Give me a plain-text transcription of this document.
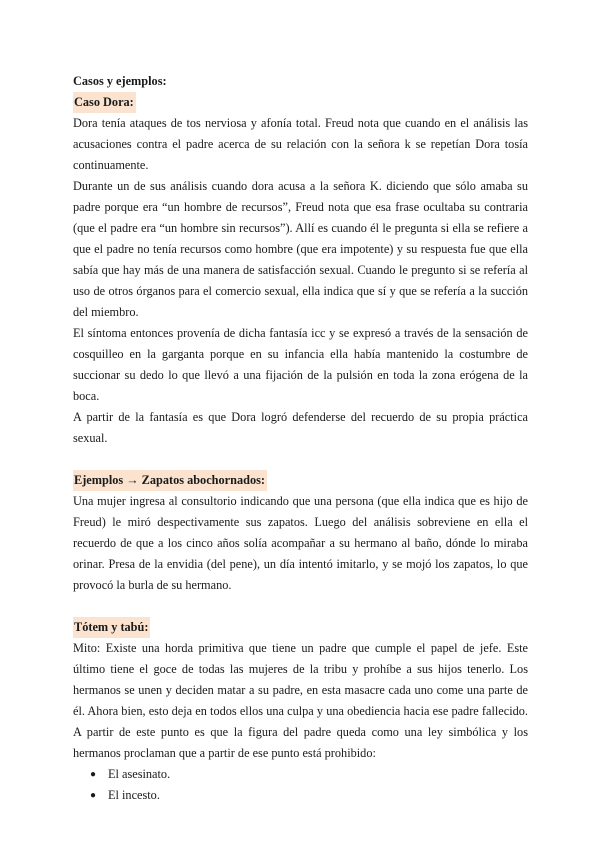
Casos y ejemplos:
Caso Dora:

Dora tenía ataques de tos nerviosa y afonía total. Freud nota que cuando en el análisis las acusaciones contra el padre acerca de su relación con la señora k se repetían Dora tosía continuamente.

Durante un de sus análisis cuando dora acusa a la señora K. diciendo que sólo amaba su padre porque era “un hombre de recursos”, Freud nota que esa frase ocultaba su contraria (que el padre era “un hombre sin recursos”). Allí es cuando él le pregunta si ella se refiere a que el padre no tenía recursos como hombre (que era impotente) y su respuesta fue que ella sabía que hay más de una manera de satisfacción sexual. Cuando le pregunto si se refería al uso de otros órganos para el comercio sexual, ella indica que sí y que se refería a la succión del miembro.

El síntoma entonces provenía de dicha fantasía icc y se expresó a través de la sensación de cosquilleo en la garganta porque en su infancia ella había mantenido la costumbre de succionar su dedo lo que llevó a una fijación de la pulsión en toda la zona erógena de la boca.

A partir de la fantasía es que Dora logró defenderse del recuerdo de su propia práctica sexual.

Ejemplos → Zapatos abochornados:

Una mujer ingresa al consultorio indicando que una persona (que ella indica que es hijo de Freud) le miró despectivamente sus zapatos. Luego del análisis sobreviene en ella el recuerdo de que a los cinco años solía acompañar a su hermano al baño, dónde lo miraba orinar. Presa de la envidia (del pene), un día intentó imitarlo, y se mojó los zapatos, lo que provocó la burla de su hermano.

Tótem y tabú:

Mito: Existe una horda primitiva que tiene un padre que cumple el papel de jefe. Este último tiene el goce de todas las mujeres de la tribu y prohíbe a sus hijos tenerlo. Los hermanos se unen y deciden matar a su padre, en esta masacre cada uno come una parte de él. Ahora bien, esto deja en todos ellos una culpa y una obediencia hacia ese padre fallecido. A partir de este punto es que la figura del padre queda como una ley simbólica y los hermanos proclaman que a partir de ese punto está prohibido:

● El asesinato.
● El incesto.
